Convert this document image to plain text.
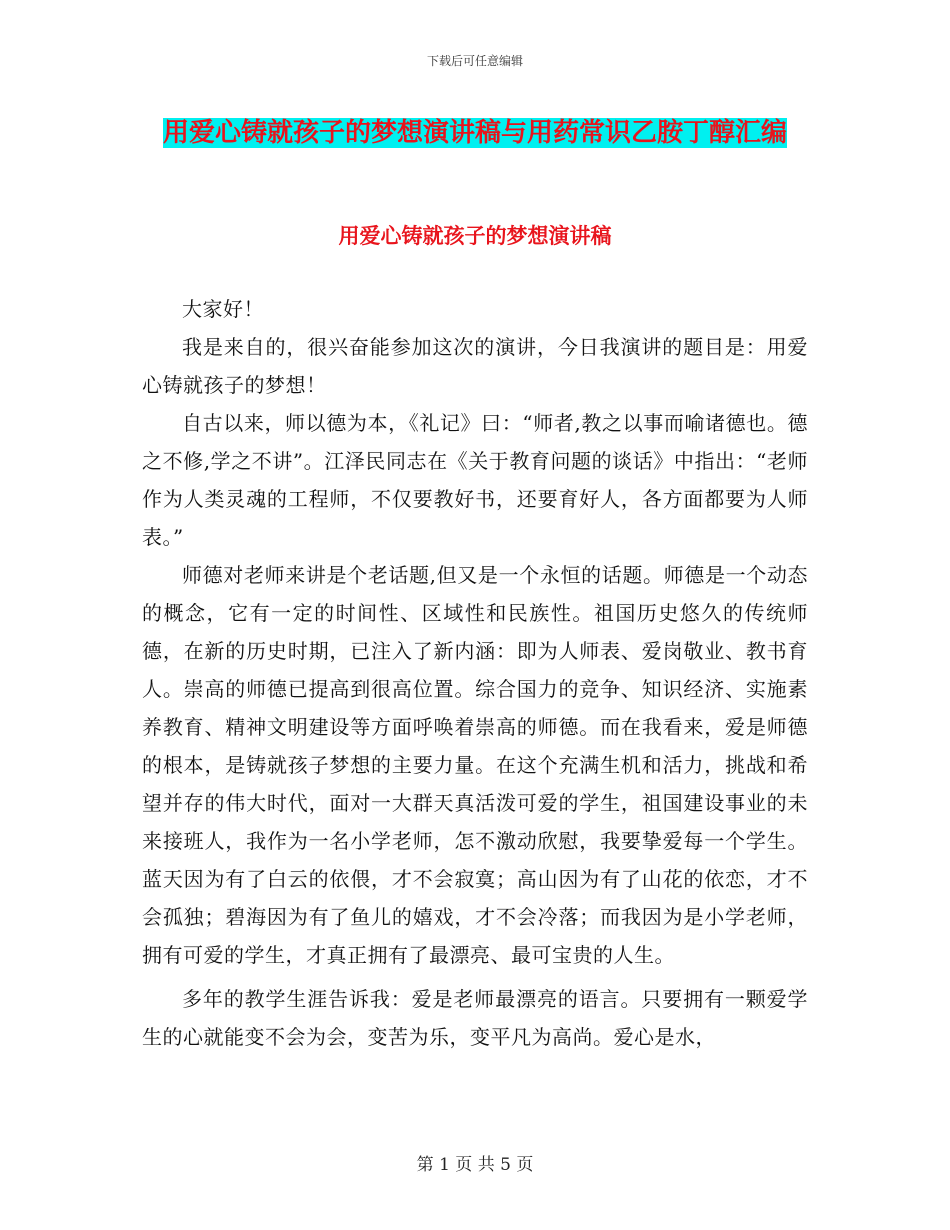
下载后可任意编辑
用爱心铸就孩子的梦想演讲稿与用药常识乙胺丁醇汇编
用爱心铸就孩子的梦想演讲稿

大家好！

我是来自的，很兴奋能参加这次的演讲，今日我演讲的题目是：用爱心铸就孩子的梦想！

自古以来，师以德为本，《礼记》曰：“师者,教之以事而喻诸德也。德之不修,学之不讲”。江泽民同志在《关于教育问题的谈话》中指出：“老师作为人类灵魂的工程师，不仅要教好书，还要育好人，各方面都要为人师表。”

师德对老师来讲是个老话题,但又是一个永恒的话题。师德是一个动态的概念，它有一定的时间性、区域性和民族性。祖国历史悠久的传统师德，在新的历史时期，已注入了新内涵：即为人师表、爱岗敬业、教书育人。崇高的师德已提高到很高位置。综合国力的竞争、知识经济、实施素养教育、精神文明建设等方面呼唤着崇高的师德。而在我看来，爱是师德的根本，是铸就孩子梦想的主要力量。在这个充满生机和活力，挑战和希望并存的伟大时代，面对一大群天真活泼可爱的学生，祖国建设事业的未来接班人，我作为一名小学老师，怎不激动欣慰，我要挚爱每一个学生。蓝天因为有了白云的依偎，才不会寂寞；高山因为有了山花的依恋，才不会孤独；碧海因为有了鱼儿的嬉戏，才不会冷落；而我因为是小学老师，拥有可爱的学生，才真正拥有了最漂亮、最可宝贵的人生。

多年的教学生涯告诉我：爱是老师最漂亮的语言。只要拥有一颗爱学生的心就能变不会为会，变苦为乐，变平凡为高尚。爱心是水，

第 1 页 共 5 页
